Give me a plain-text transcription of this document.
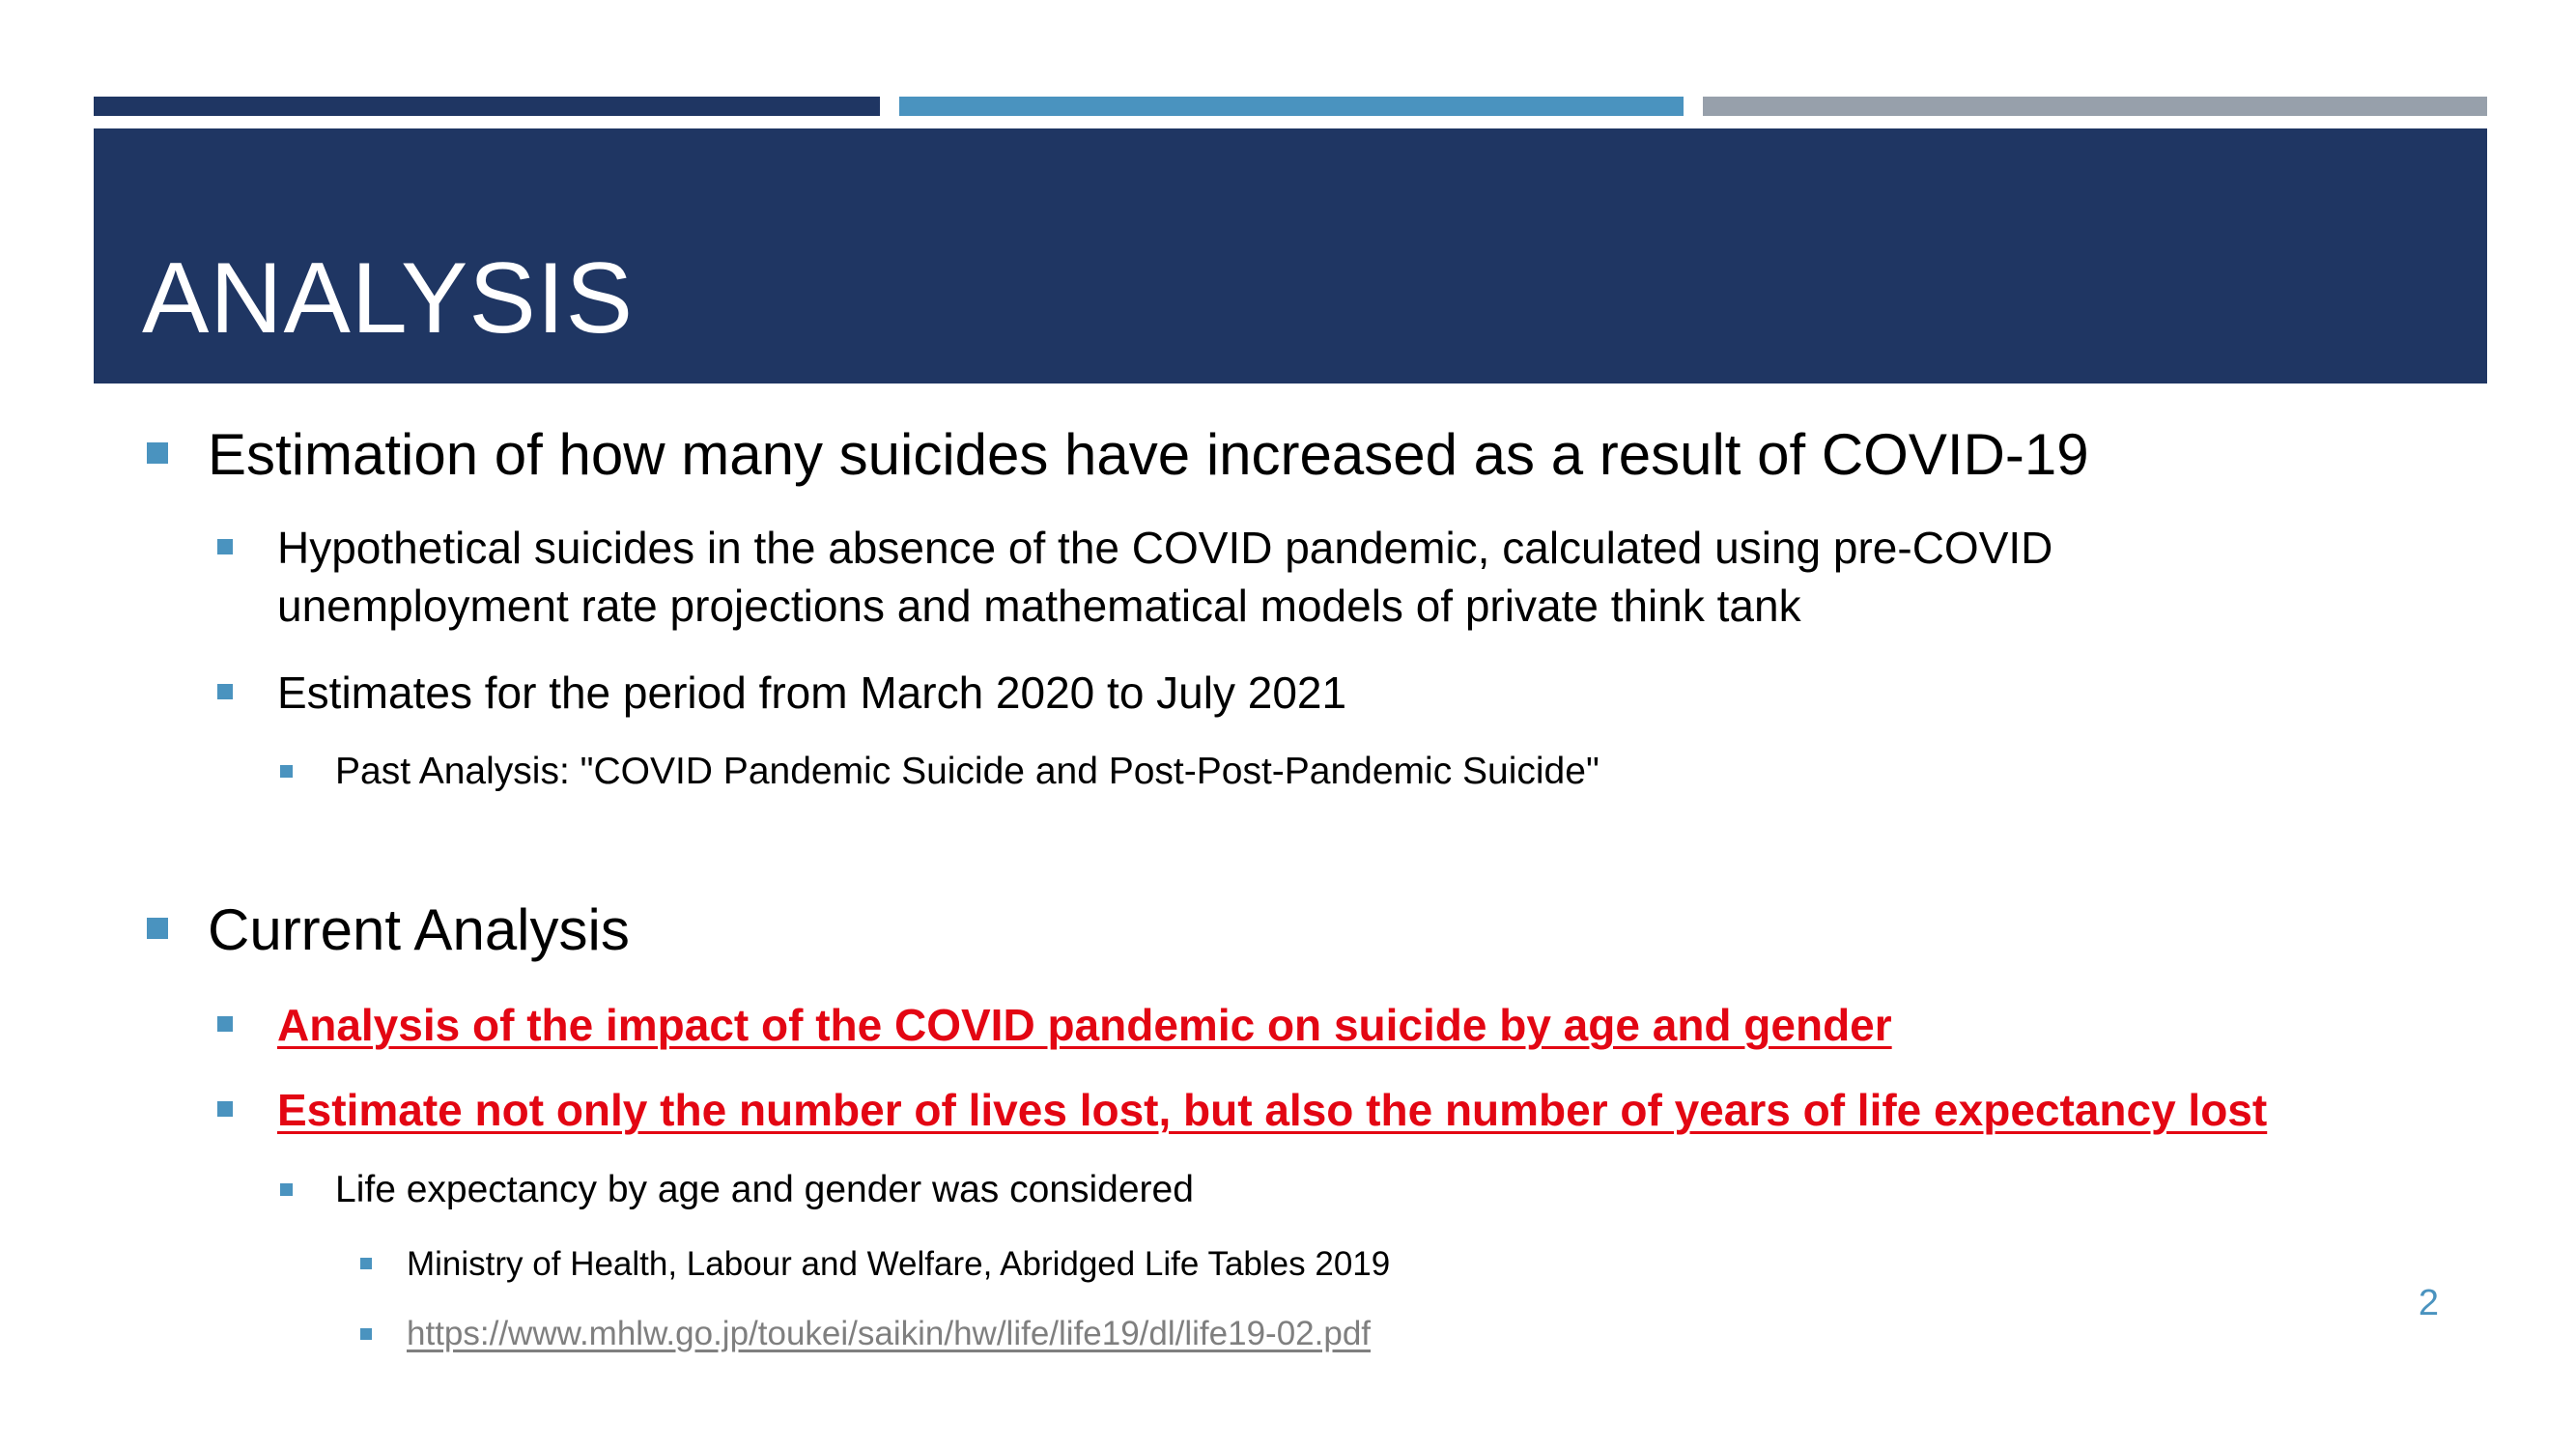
ANALYSIS
Estimation of how many suicides have increased as a result of COVID-19
Hypothetical suicides in the absence of the COVID pandemic, calculated using pre-COVID
unemployment rate projections and mathematical models of private think tank
Estimates for the period from March 2020 to July 2021
Past Analysis: "COVID Pandemic Suicide and Post-Post-Pandemic Suicide"
Current Analysis
Analysis of the impact of the COVID pandemic on suicide by age and gender
Estimate not only the number of lives lost, but also the number of years of life expectancy lost
Life expectancy by age and gender was considered
Ministry of Health, Labour and Welfare, Abridged Life Tables 2019
https://www.mhlw.go.jp/toukei/saikin/hw/life/life19/dl/life19-02.pdf
2
